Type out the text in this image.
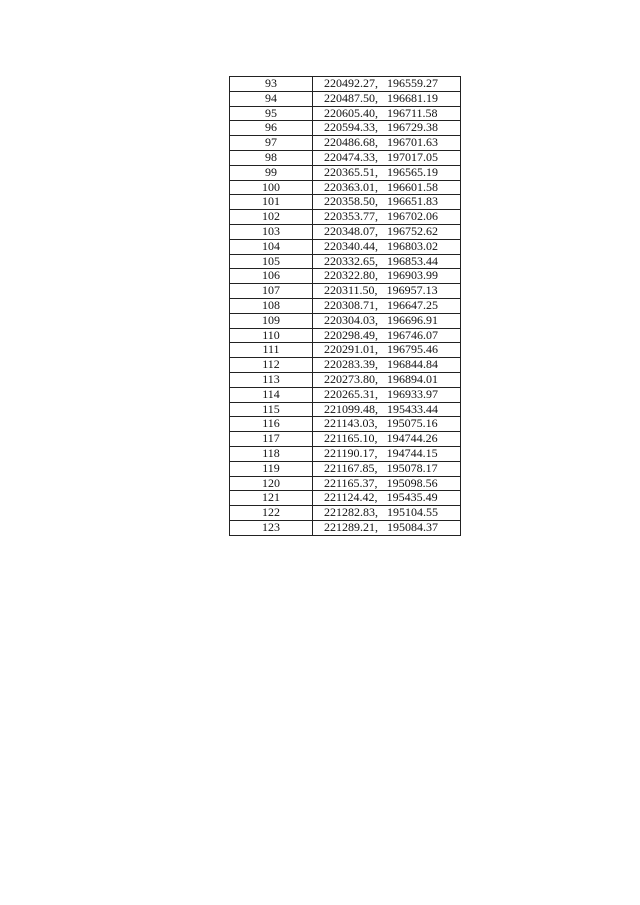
93	220492.27, 196559.27
94	220487.50, 196681.19
95	220605.40, 196711.58
96	220594.33, 196729.38
97	220486.68, 196701.63
98	220474.33, 197017.05
99	220365.51, 196565.19
100	220363.01, 196601.58
101	220358.50, 196651.83
102	220353.77, 196702.06
103	220348.07, 196752.62
104	220340.44, 196803.02
105	220332.65, 196853.44
106	220322.80, 196903.99
107	220311.50, 196957.13
108	220308.71, 196647.25
109	220304.03, 196696.91
110	220298.49, 196746.07
111	220291.01, 196795.46
112	220283.39, 196844.84
113	220273.80, 196894.01
114	220265.31, 196933.97
115	221099.48, 195433.44
116	221143.03, 195075.16
117	221165.10, 194744.26
118	221190.17, 194744.15
119	221167.85, 195078.17
120	221165.37, 195098.56
121	221124.42, 195435.49
122	221282.83, 195104.55
123	221289.21, 195084.37
